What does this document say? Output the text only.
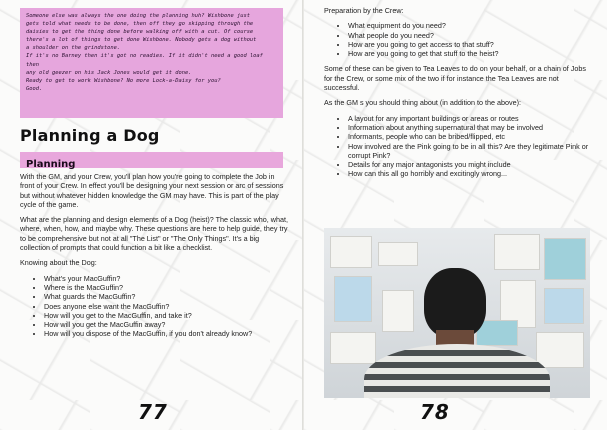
Someone else was always the one doing the planning huh? Wishbone just

gets told what needs to be done, then off they go skipping through the

daisies to get the thing done before walking off with a cut. Of course

there's a lot of things to get done Wishbone. Nobody gets a dog without

a shoulder on the grindstone.

If it's no Barney then it's got no readies. If it didn't need a good loaf then

any old geezer on his Jack Jones would get it done.

Ready to get to work Wishbone? No more Lock-a-Daisy for you?

Good.

Planning a Dog
Planning

With the GM, and your Crew, you'll plan how you're going to complete the Job in front of your Crew. In effect you'll be designing your next session or arc of sessions but without whatever hidden knowledge the GM may have. This is part of the play cycle of the game.

What are the planning and design elements of a Dog (heist)? The classic who, what, where, when, how, and maybe why. These questions are here to help guide, they try to be comprehensive but not at all "The List" or "The Only Things". It's a big collection of prompts that could function a bit like a checklist.

Knowing about the Dog:

• What's your MacGuffin?
• Where is the MacGuffin?
• What guards the MacGuffin?
• Does anyone else want the MacGuffin?
• How will you get to the MacGuffin, and take it?
• How will you get the MacGuffin away?
• How will you dispose of the MacGuffin, if you don't already know?
77

Preparation by the Crew:

• What equipment do you need?
• What people do you need?
• How are you going to get access to that stuff?
• How are you going to get that stuff to the heist?

Some of these can be given to Tea Leaves to do on your behalf, or a chain of Jobs for the Crew, or some mix of the two if for instance the Tea Leaves are not successful.

As the GM s you should thing about (in addition to the above):

• A layout for any important buildings or areas or routes
• Information about anything supernatural that may be involved
• Informants, people who can be bribed/flipped, etc
• How involved are the Pink going to be in all this? Are they legitimate Pink or corrupt Pink?
• Details for any major antagonists you might include
• How can this all go horribly and excitingly wrong...
78
